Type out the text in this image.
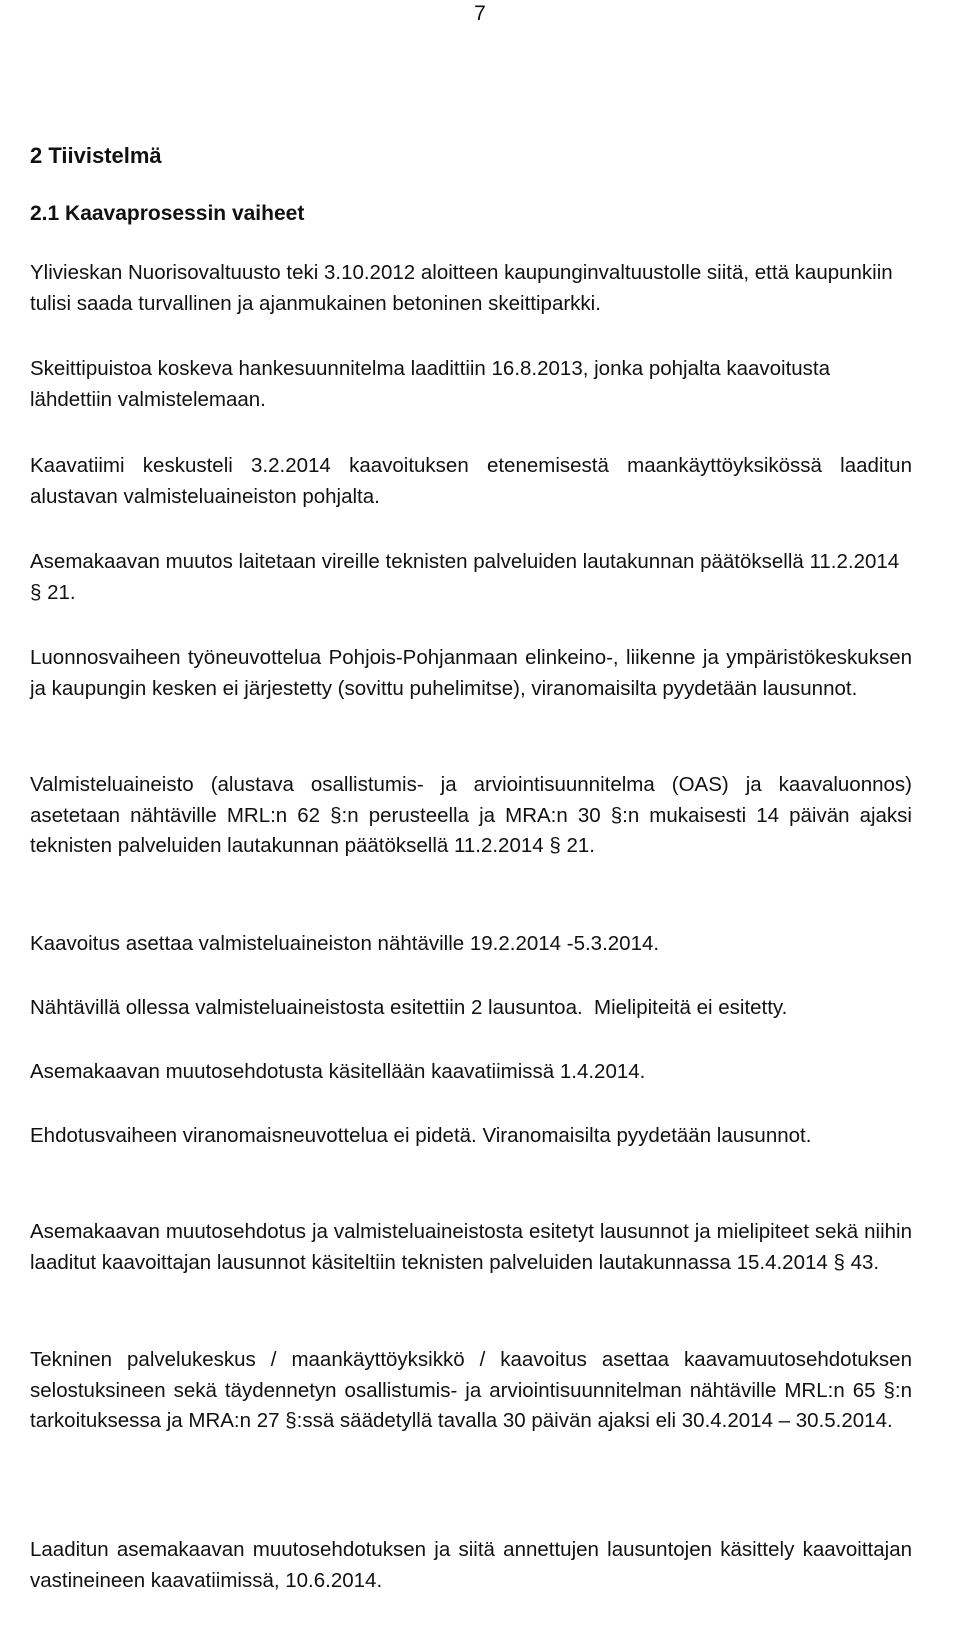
7
2 Tiivistelmä
2.1 Kaavaprosessin vaiheet

Ylivieskan Nuorisovaltuusto teki 3.10.2012 aloitteen kaupunginvaltuustolle siitä, että kaupunkiin tulisi saada turvallinen ja ajanmukainen betoninen skeittiparkki.

Skeittipuistoa koskeva hankesuunnitelma laadittiin 16.8.2013, jonka pohjalta kaavoitusta lähdettiin valmistelemaan.

Kaavatiimi keskusteli 3.2.2014 kaavoituksen etenemisestä maankäyttöyksikössä laaditun alustavan valmisteluaineiston pohjalta.

Asemakaavan muutos laitetaan vireille teknisten palveluiden lautakunnan päätöksellä 11.2.2014 § 21.

Luonnosvaiheen työneuvottelua Pohjois-Pohjanmaan elinkeino-, liikenne ja ympäristökeskuksen ja kaupungin kesken ei järjestetty (sovittu puhelimitse), viranomaisilta pyydetään lausunnot.

Valmisteluaineisto (alustava osallistumis- ja arviointisuunnitelma (OAS) ja kaavaluonnos) asetetaan nähtäville MRL:n 62 §:n perusteella ja MRA:n 30 §:n mukaisesti 14 päivän ajaksi teknisten palveluiden lautakunnan päätöksellä 11.2.2014 § 21.

Kaavoitus asettaa valmisteluaineiston nähtäville 19.2.2014 -5.3.2014.

Nähtävillä ollessa valmisteluaineistosta esitettiin 2 lausuntoa.  Mielipiteitä ei esitetty.

Asemakaavan muutosehdotusta käsitellään kaavatiimissä 1.4.2014.

Ehdotusvaiheen viranomaisneuvottelua ei pidetä. Viranomaisilta pyydetään lausunnot.

Asemakaavan muutosehdotus ja valmisteluaineistosta esitetyt lausunnot ja mielipiteet sekä niihin laaditut kaavoittajan lausunnot käsiteltiin teknisten palveluiden lautakunnassa 15.4.2014 § 43.

Tekninen palvelukeskus / maankäyttöyksikkö / kaavoitus asettaa kaavamuutosehdotuksen selostuksineen sekä täydennetyn osallistumis- ja arviointisuunnitelman nähtäville MRL:n 65 §:n tarkoituksessa ja MRA:n 27 §:ssä säädetyllä tavalla 30 päivän ajaksi eli 30.4.2014 – 30.5.2014.

Laaditun asemakaavan muutosehdotuksen ja siitä annettujen lausuntojen käsittely kaavoittajan vastineineen kaavatiimissä, 10.6.2014.
